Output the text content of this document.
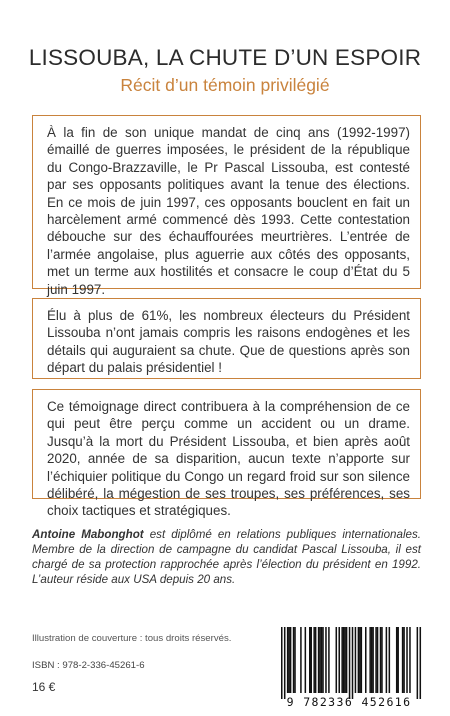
LISSOUBA, LA CHUTE D’UN ESPOIR
Récit d’un témoin privilégié

À la fin de son unique mandat de cinq ans (1992-1997) émaillé de guerres imposées, le président de la république du Congo-Brazzaville, le Pr Pascal Lissouba, est contesté par ses opposants politiques avant la tenue des élections. En ce mois de juin 1997, ces opposants bouclent en fait un harcèlement armé commencé dès 1993. Cette contestation débouche sur des échauffourées meurtrières. L’entrée de l’armée angolaise, plus aguerrie aux côtés des opposants, met un terme aux hostilités et consacre le coup d’État du 5 juin 1997.

Élu à plus de 61%, les nombreux électeurs du Président Lissouba n’ont jamais compris les raisons endogènes et les détails qui auguraient sa chute. Que de questions après son départ du palais présidentiel !

Ce témoignage direct contribuera à la compréhension de ce qui peut être perçu comme un accident ou un drame. Jusqu’à la mort du Président Lissouba, et bien après août 2020, année de sa disparition, aucun texte n’apporte sur l’échiquier politique du Congo un regard froid sur son silence délibéré, la mégestion de ses troupes, ses préférences, ses choix tactiques et stratégiques.

Antoine Mabonghot est diplômé en relations publiques internationales. Membre de la direction de campagne du candidat Pascal Lissouba, il est chargé de sa protection rapprochée après l’élection du président en 1992. L’auteur réside aux USA depuis 20 ans.
Illustration de couverture : tous droits réservés.
ISBN : 978-2-336-45261-6
16 €
9 782336 452616
